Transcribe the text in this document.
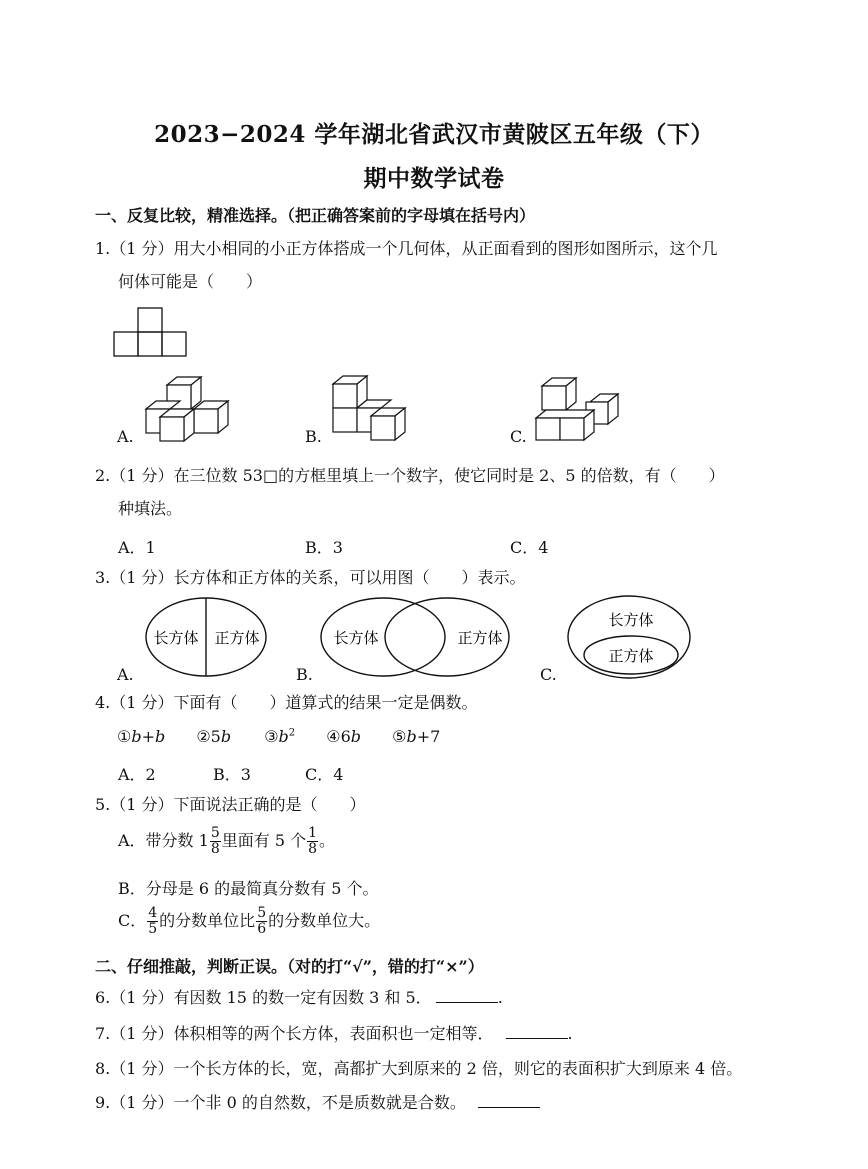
2023−2024 学年湖北省武汉市黄陂区五年级（下）
期中数学试卷
一、反复比较，精准选择。（把正确答案前的字母填在括号内）
1.（1 分）用大小相同的小正方体搭成一个几何体，从正面看到的图形如图所示，这个几
何体可能是（　　）
A.	B.	C.
2.（1 分）在三位数 53□的方框里填上一个数字，使它同时是 2、5 的倍数，有（　　）
种填法。
A．1	B．3	C．4
3.（1 分）长方体和正方体的关系，可以用图（　　）表示。
A.
长方体 正方体
B.
长方体	正方体
C.
长方体
正方体
4.（1 分）下面有（　　）道算式的结果一定是偶数。
①b+b ②5b $③b^2$ ④6b ⑤b+7
A．2	B．3	C．4
5.（1 分）下面说法正确的是（　　）
A．带分数 $1 \frac{5}{8}$ 里面有 5 个 $\frac{1}{8}$ 。
B．分母是 6 的最简真分数有 5 个。
C． $\frac{4}{5}$ 的分数单位比 $\frac{5}{6}$ 的分数单位大。
二、仔细推敲，判断正误。（对的打“√”，错的打“×”）
6.（1 分）有因数 15 的数一定有因数 3 和 5．	.
7.（1 分）体积相等的两个长方体，表面积也一定相等．	.
8.（1 分）一个长方体的长，宽，高都扩大到原来的 2 倍，则它的表面积扩大到原来 4 倍。
9.（1 分）一个非 0 的自然数，不是质数就是合数。
